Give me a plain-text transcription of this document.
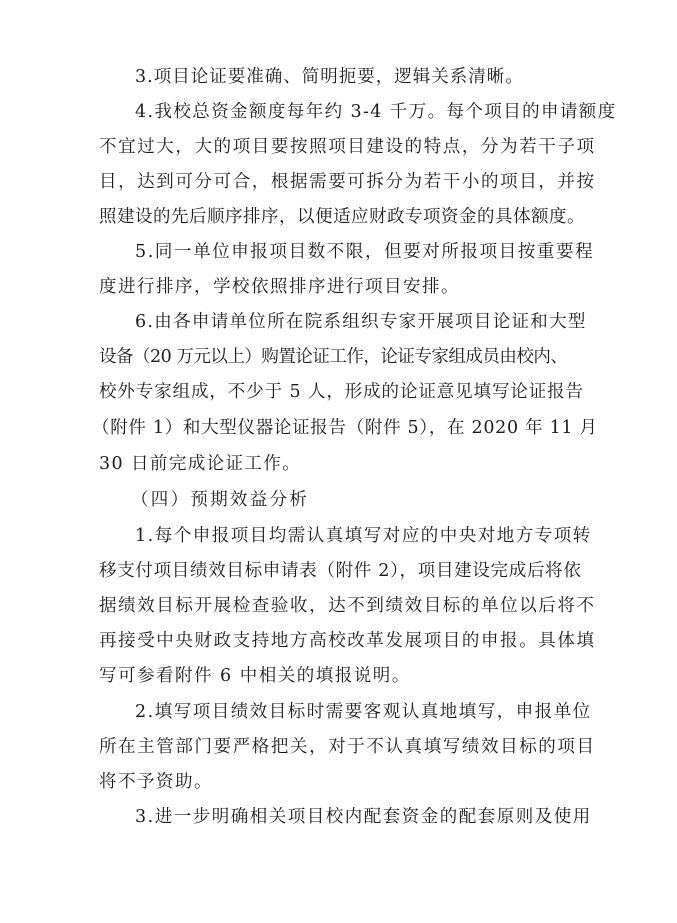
3.项目论证要准确、简明扼要，逻辑关系清晰。
4.我校总资金额度每年约 3-4 千万。每个项目的申请额度
不宜过大，大的项目要按照项目建设的特点，分为若干子项
目，达到可分可合，根据需要可拆分为若干小的项目，并按
照建设的先后顺序排序，以便适应财政专项资金的具体额度。
5.同一单位申报项目数不限，但要对所报项目按重要程
度进行排序，学校依照排序进行项目安排。
6.由各申请单位所在院系组织专家开展项目论证和大型
设备（20 万元以上）购置论证工作，论证专家组成员由校内、
校外专家组成，不少于 5 人，形成的论证意见填写论证报告
（附件 1）和大型仪器论证报告（附件 5），在 2020 年 11 月
30 日前完成论证工作。
（四）预期效益分析
1.每个申报项目均需认真填写对应的中央对地方专项转
移支付项目绩效目标申请表（附件 2），项目建设完成后将依
据绩效目标开展检查验收，达不到绩效目标的单位以后将不
再接受中央财政支持地方高校改革发展项目的申报。具体填
写可参看附件 6 中相关的填报说明。
2.填写项目绩效目标时需要客观认真地填写，申报单位
所在主管部门要严格把关，对于不认真填写绩效目标的项目
将不予资助。
3.进一步明确相关项目校内配套资金的配套原则及使用
